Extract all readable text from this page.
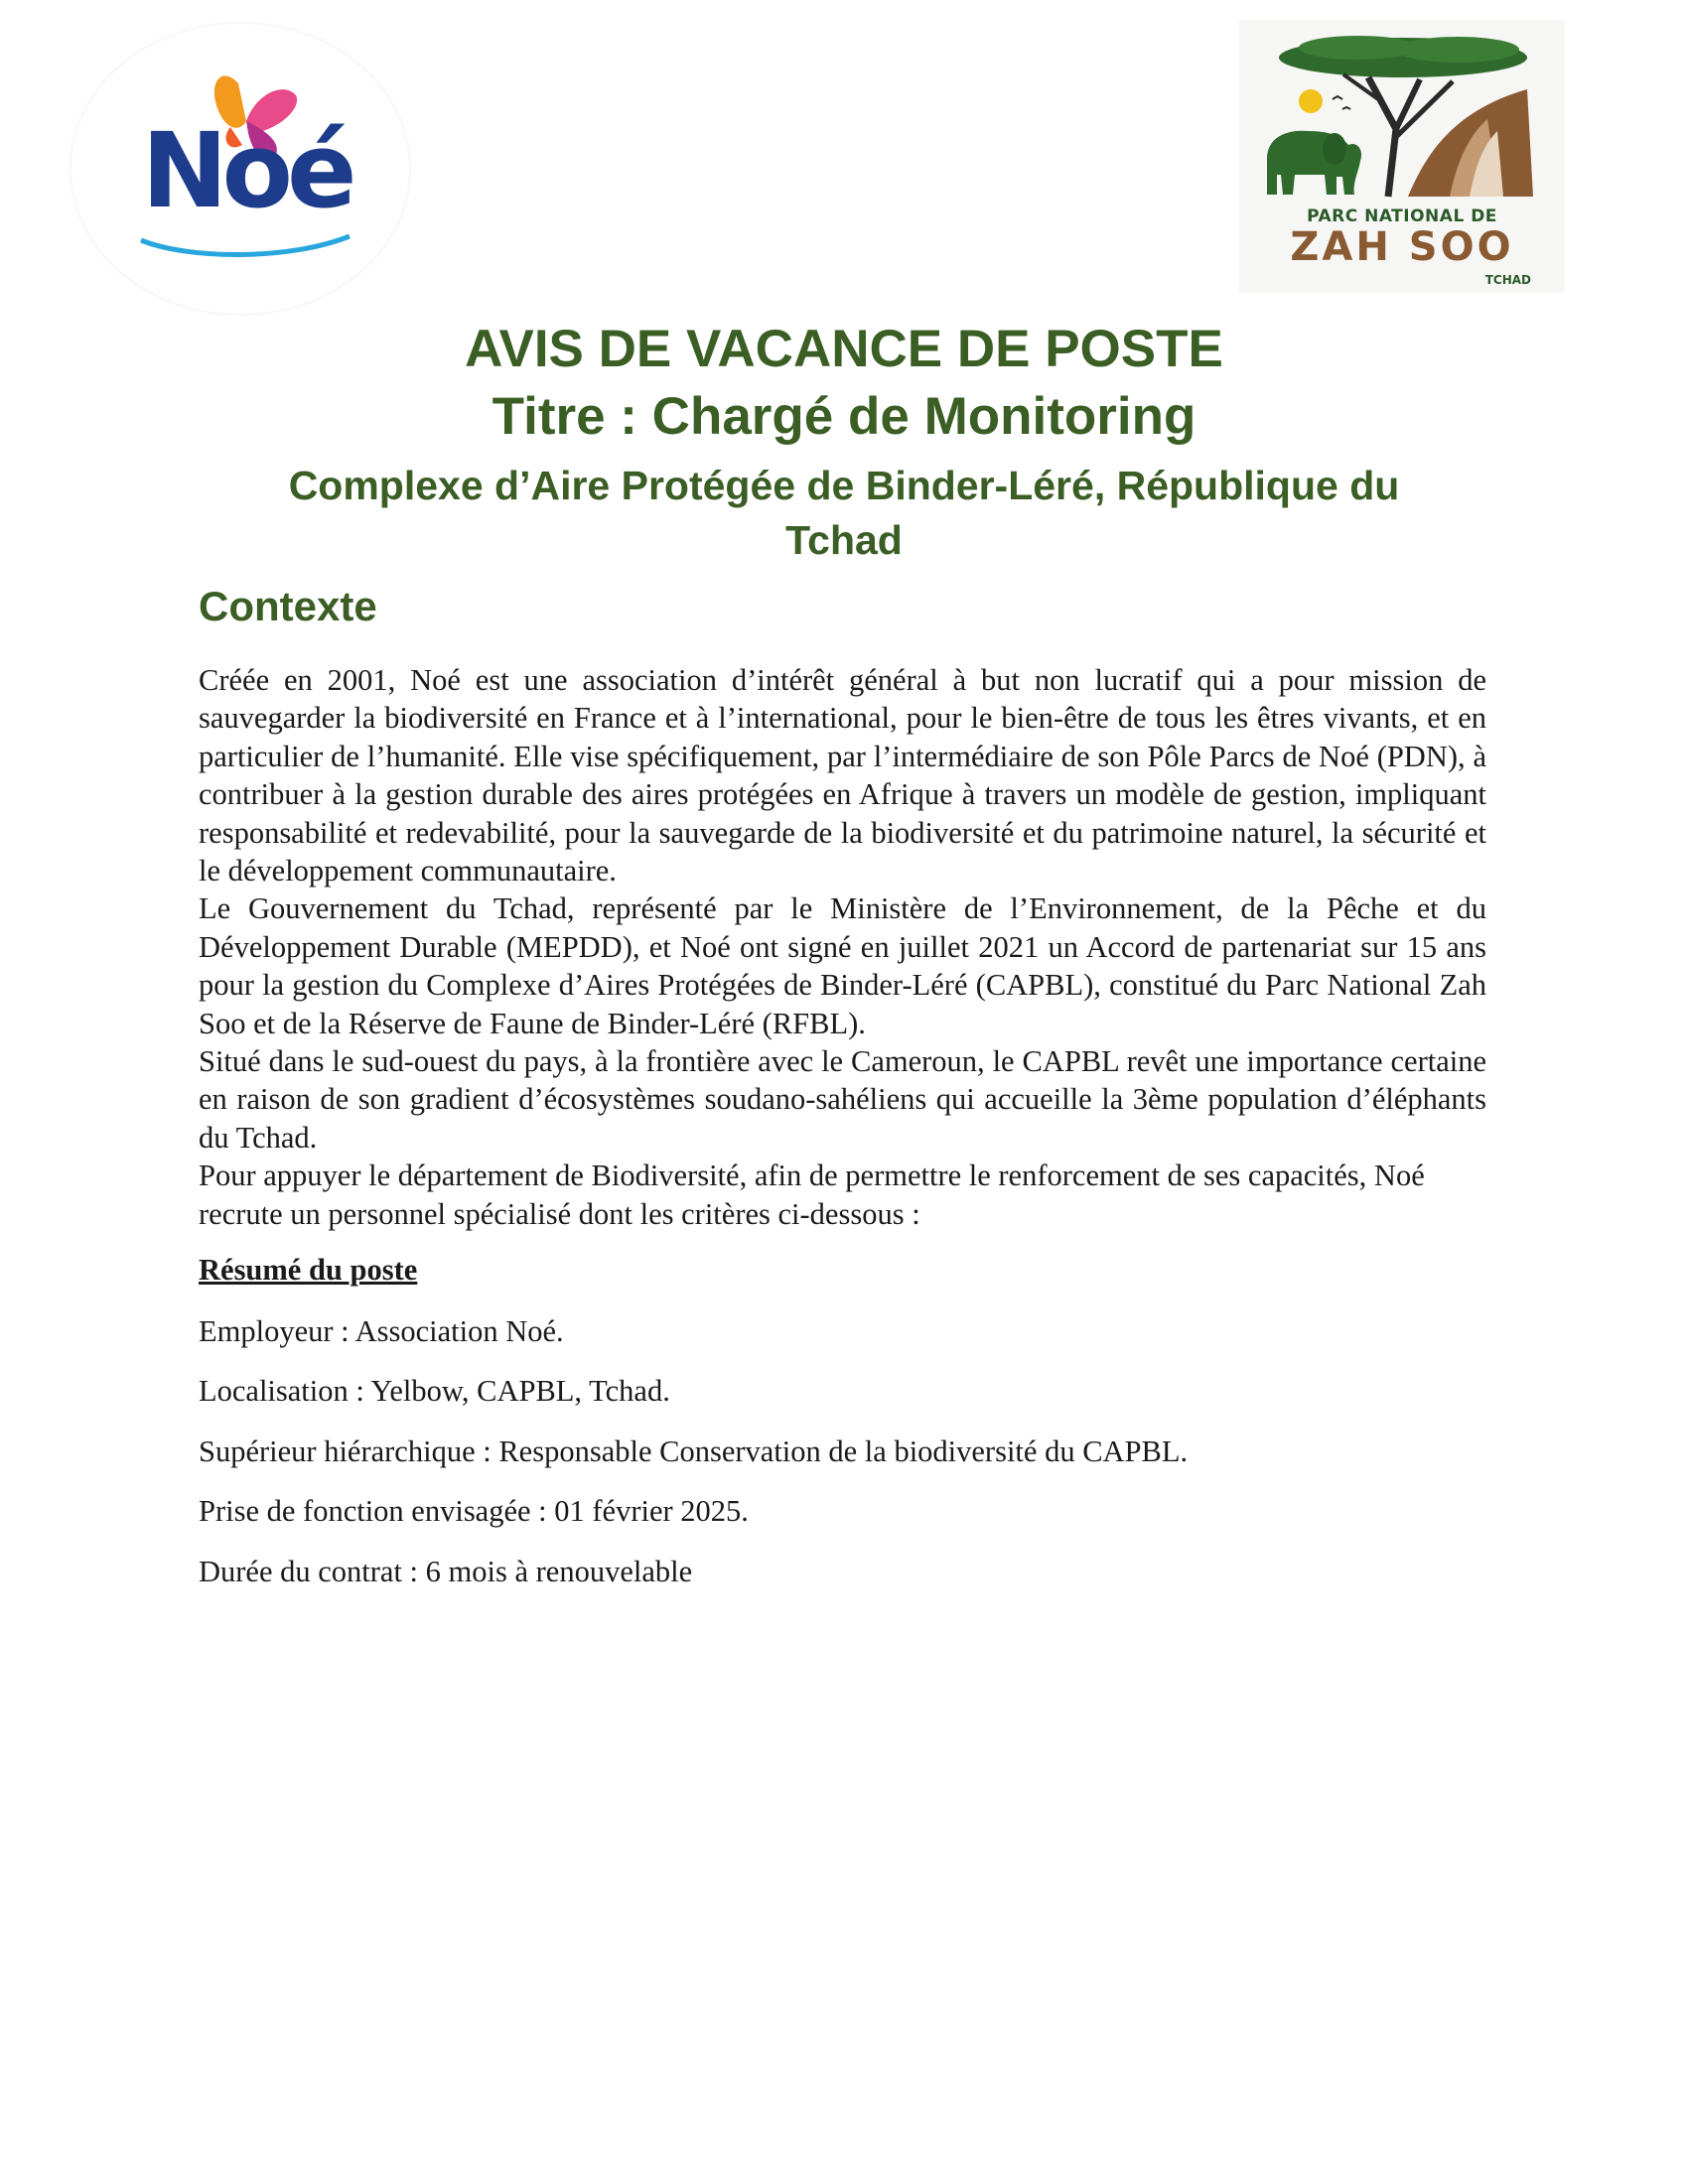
Noé	PARC NATIONAL DE
ZAH SOO
TCHAD
AVIS DE VACANCE DE POSTE
Titre : Chargé de Monitoring
Complexe d’Aire Protégée de Binder-Léré, République du Tchad
Contexte

Créée en 2001, Noé est une association d’intérêt général à but non lucratif qui a pour mission de sauvegarder la biodiversité en France et à l’international, pour le bien-être de tous les êtres vivants, et en particulier de l’humanité. Elle vise spécifiquement, par l’intermédiaire de son Pôle Parcs de Noé (PDN), à contribuer à la gestion durable des aires protégées en Afrique à travers un modèle de gestion, impliquant responsabilité et redevabilité, pour la sauvegarde de la biodiversité et du patrimoine naturel, la sécurité et le développement communautaire.

Le Gouvernement du Tchad, représenté par le Ministère de l’Environnement, de la Pêche et du Développement Durable (MEPDD), et Noé ont signé en juillet 2021 un Accord de partenariat sur 15 ans pour la gestion du Complexe d’Aires Protégées de Binder-Léré (CAPBL), constitué du Parc National Zah Soo et de la Réserve de Faune de Binder-Léré (RFBL).

Situé dans le sud-ouest du pays, à la frontière avec le Cameroun, le CAPBL revêt une importance certaine en raison de son gradient d’écosystèmes soudano-sahéliens qui accueille la 3ème population d’éléphants du Tchad.

Pour appuyer le département de Biodiversité, afin de permettre le renforcement de ses capacités, Noé recrute un personnel spécialisé dont les critères ci-dessous :

Résumé du poste

Employeur : Association Noé.

Localisation : Yelbow, CAPBL, Tchad.

Supérieur hiérarchique : Responsable Conservation de la biodiversité du CAPBL.

Prise de fonction envisagée : 01 février 2025.

Durée du contrat : 6 mois à renouvelable
